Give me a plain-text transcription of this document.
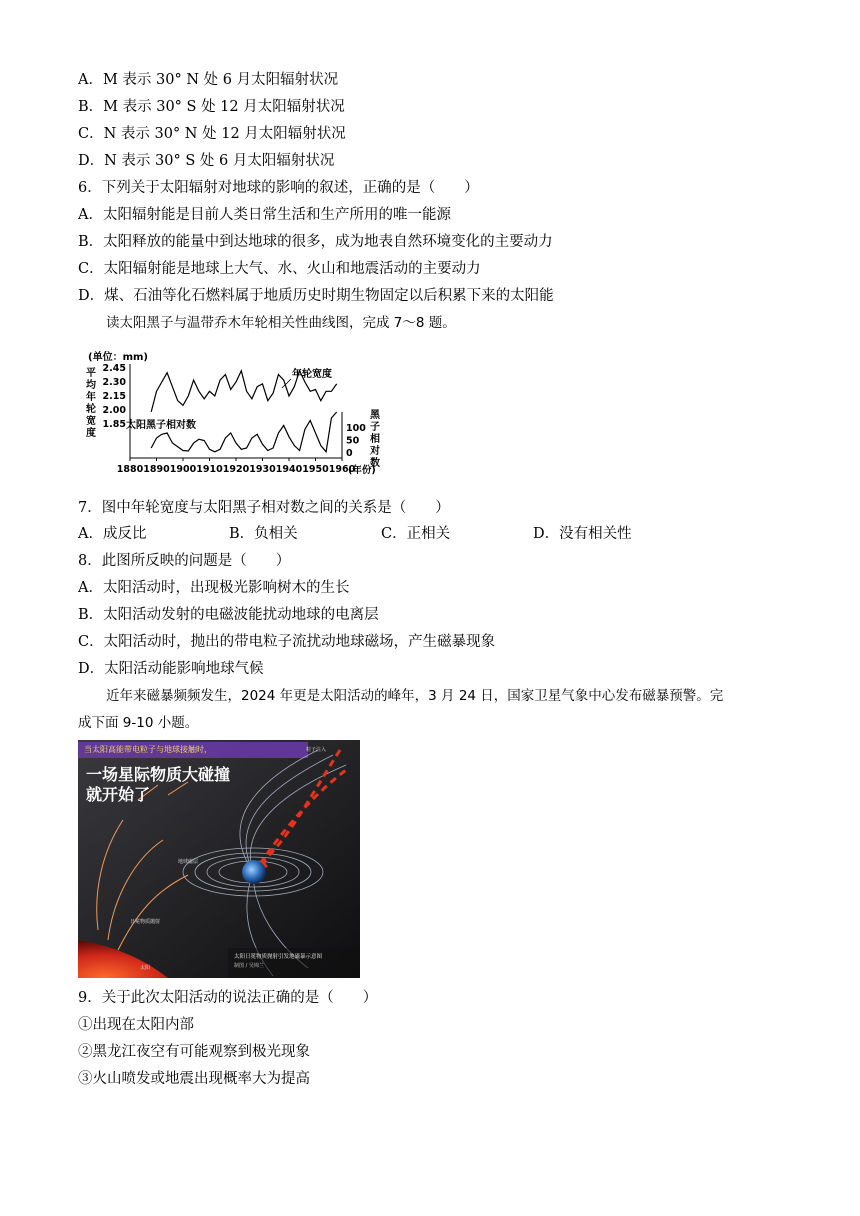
A．M 表示 30° N 处 6 月太阳辐射状况
B．M 表示 30° S 处 12 月太阳辐射状况
C．N 表示 30° N 处 12 月太阳辐射状况
D．N 表示 30° S 处 6 月太阳辐射状况
6．下列关于太阳辐射对地球的影响的叙述，正确的是（　　）
A．太阳辐射能是目前人类日常生活和生产所用的唯一能源
B．太阳释放的能量中到达地球的很多，成为地表自然环境变化的主要动力
C．太阳辐射能是地球上大气、水、火山和地震活动的主要动力
D．煤、石油等化石燃料属于地质历史时期生物固定以后积累下来的太阳能
读太阳黑子与温带乔木年轮相关性曲线图，完成 7～8 题。
(单位：mm)
平
均
年
轮
宽
度
黑
子
相
对
数
2.45
2.30
2.15
2.00
1.85	100
50
0
1880 1890 1900 1910 1920 1930 1940 1950 1960
年轮宽度
太阳黑子相对数
(年份)
7．图中年轮宽度与太阳黑子相对数之间的关系是（　　）
A．成反比	B．负相关	C．正相关	D．没有相关性
8．此图所反映的问题是（　　）
A．太阳活动时，出现极光影响树木的生长
B．太阳活动发射的电磁波能扰动地球的电离层
C．太阳活动时，抛出的带电粒子流扰动地球磁场，产生磁暴现象
D．太阳活动能影响地球气候
近年来磁暴频频发生，2024 年更是太阳活动的峰年，3 月 24 日，国家卫星气象中心发布磁暴预警。完
成下面 9-10 小题。
当太阳高能带电粒子与地球接触时，
一场星际物质大碰撞
就开始了
粒子注入
地球磁层
日冕物质抛射
太阳
太阳日冕物质抛射引发地磁暴示意图
制图 / 吴锦兰
9．关于此次太阳活动的说法正确的是（　　）
①出现在太阳内部
②黑龙江夜空有可能观察到极光现象
③火山喷发或地震出现概率大为提高
